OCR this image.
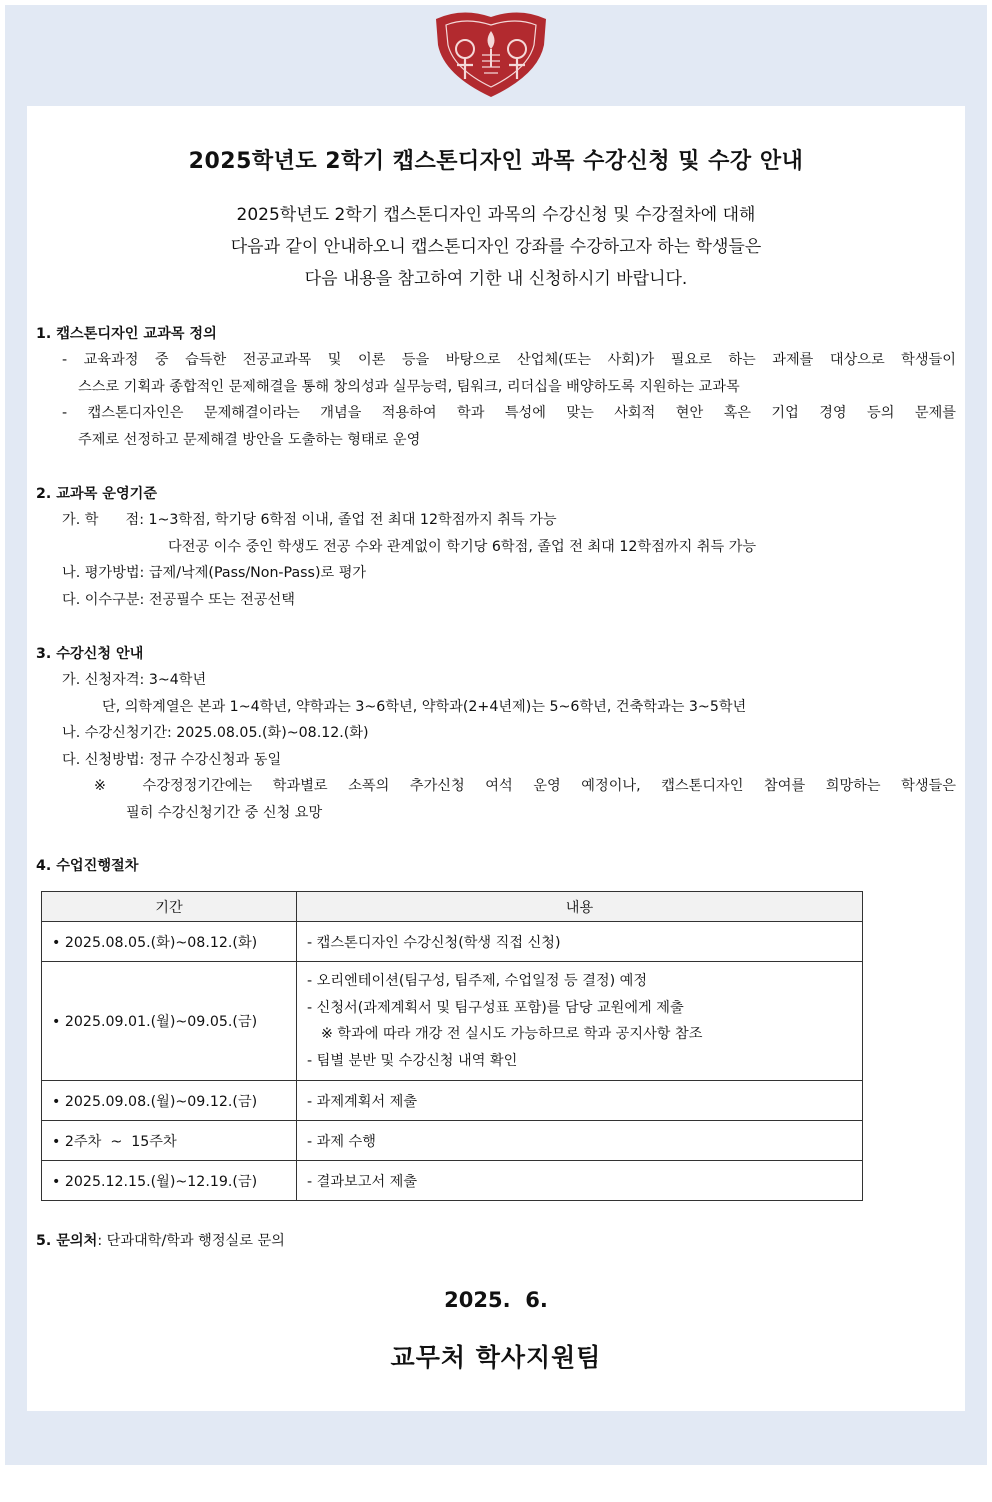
2025학년도 2학기 캡스톤디자인 과목 수강신청 및 수강 안내
2025학년도 2학기 캡스톤디자인 과목의 수강신청 및 수강절차에 대해
다음과 같이 안내하오니 캡스톤디자인 강좌를 수강하고자 하는 학생들은
다음 내용을 참고하여 기한 내 신청하시기 바랍니다.
1. 캡스톤디자인 교과목 정의
- 교육과정 중 습득한 전공교과목 및 이론 등을 바탕으로 산업체(또는 사회)가 필요로 하는 과제를 대상으로 학생들이
스스로 기획과 종합적인 문제해결을 통해 창의성과 실무능력, 팀워크, 리더십을 배양하도록 지원하는 교과목
- 캡스톤디자인은 문제해결이라는 개념을 적용하여 학과 특성에 맞는 사회적 현안 혹은 기업 경영 등의 문제를
주제로 선정하고 문제해결 방안을 도출하는 형태로 운영
2. 교과목 운영기준
가. 학      점: 1~3학점, 학기당 6학점 이내, 졸업 전 최대 12학점까지 취득 가능
다전공 이수 중인 학생도 전공 수와 관계없이 학기당 6학점, 졸업 전 최대 12학점까지 취득 가능
나. 평가방법: 급제/낙제(Pass/Non-Pass)로 평가
다. 이수구분: 전공필수 또는 전공선택
3. 수강신청 안내
가. 신청자격: 3~4학년
단, 의학계열은 본과 1~4학년, 약학과는 3~6학년, 약학과(2+4년제)는 5~6학년, 건축학과는 3~5학년
나. 수강신청기간: 2025.08.05.(화)~08.12.(화)
다. 신청방법: 정규 수강신청과 동일
※ 수강정정기간에는 학과별로 소폭의 추가신청 여석 운영 예정이나, 캡스톤디자인 참여를 희망하는 학생들은
필히 수강신청기간 중 신청 요망
4. 수업진행절차
기간	내용
• 2025.08.05.(화)~08.12.(화)	- 캡스톤디자인 수강신청(학생 직접 신청)
• 2025.09.01.(월)~09.05.(금)	- 오리엔테이션(팀구성, 팀주제, 수업일정 등 결정) 예정
- 신청서(과제계획서 및 팀구성표 포함)를 담당 교원에게 제출
※ 학과에 따라 개강 전 실시도 가능하므로 학과 공지사항 참조
- 팀별 분반 및 수강신청 내역 확인

• 2025.09.08.(월)~09.12.(금)	- 과제계획서 제출
• 2주차  ~  15주차	- 과제 수행
• 2025.12.15.(월)~12.19.(금)	- 결과보고서 제출
5. 문의처: 단과대학/학과 행정실로 문의
2025.  6.
교무처 학사지원팀
